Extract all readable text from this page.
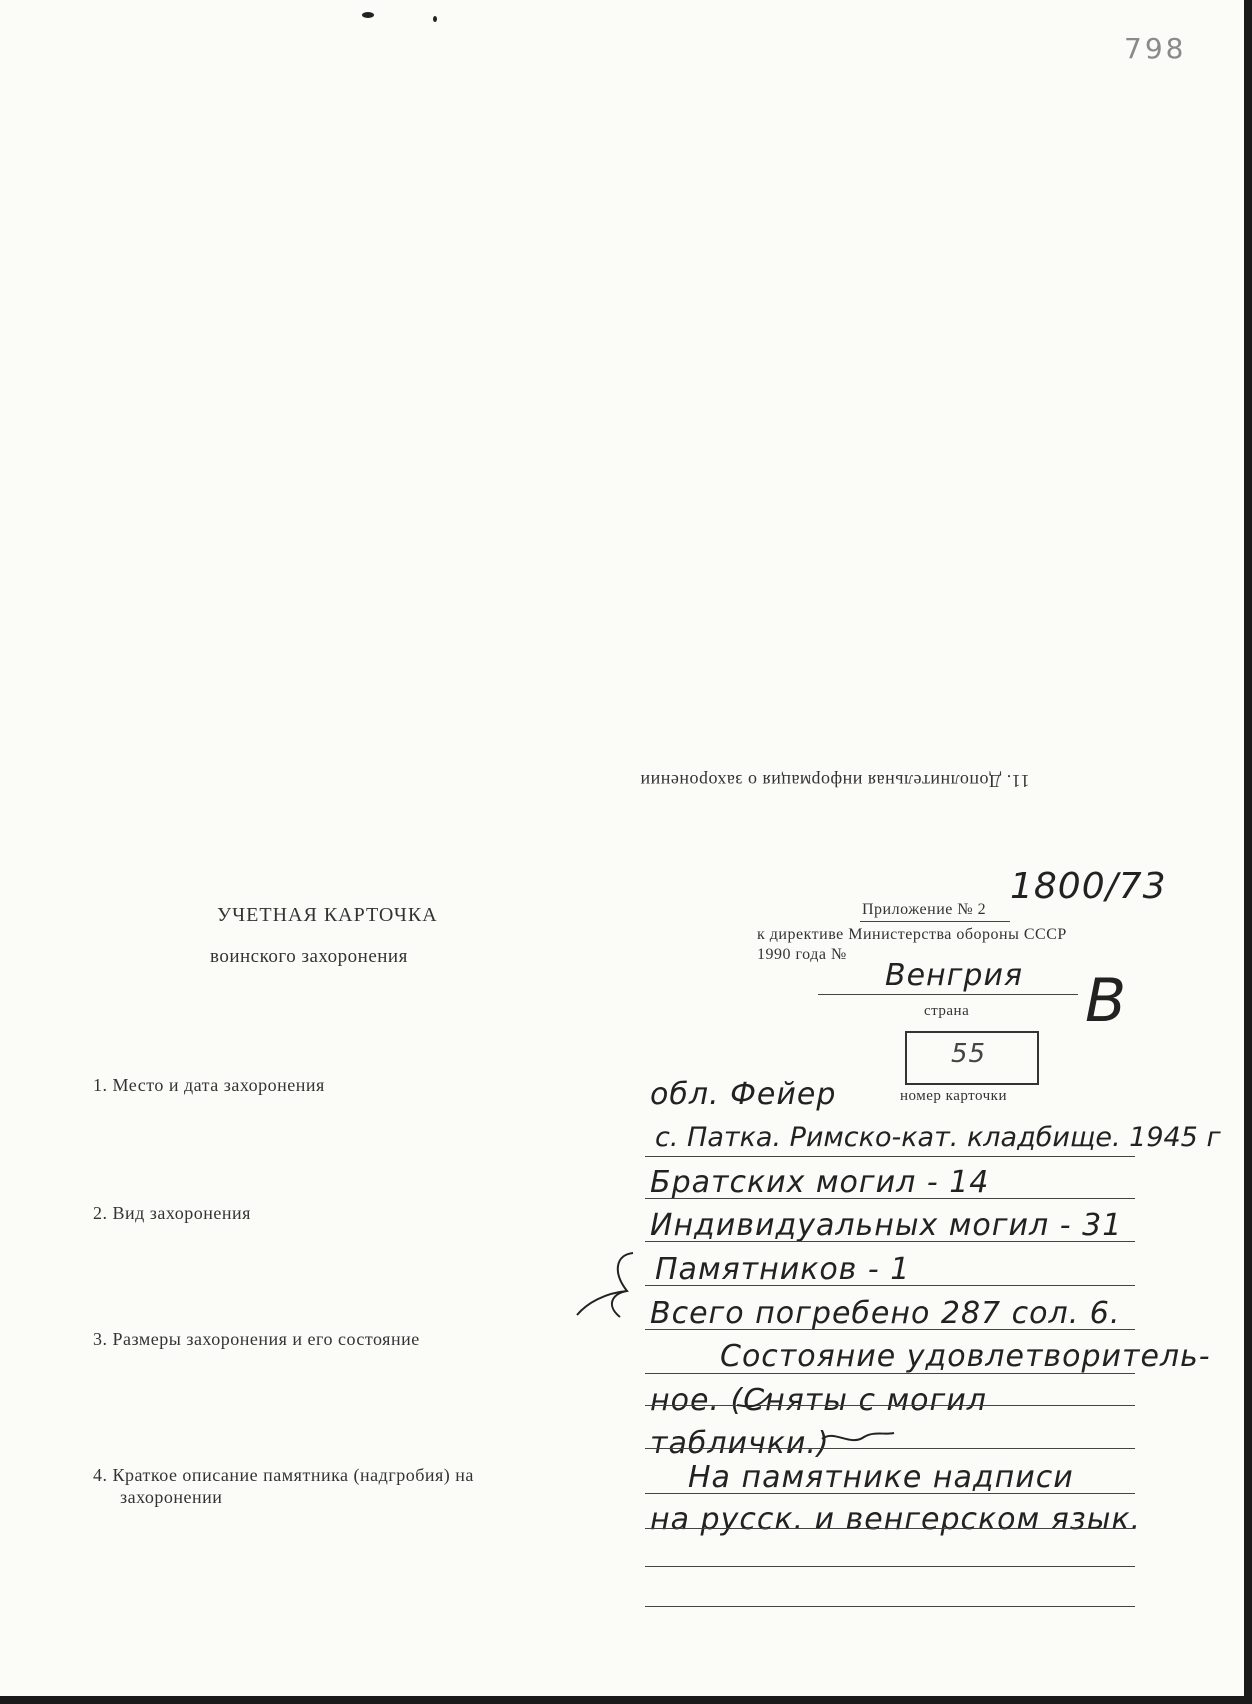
798
11. Дополнительная информация о захоронении
УЧЕТНАЯ КАРТОЧКА
воинского захоронения
Приложение № 2
к директиве Министерства обороны СССР
1990 года №
1800/73
Венгрия
страна В
55
номер карточки
1. Место и дата захоронения
2. Вид захоронения
3. Размеры захоронения и его состояние
4. Краткое описание памятника (надгробия) на
захоронении
обл. Фейер
с. Патка. Римско-кат. кладбище. 1945 г
Братских могил - 14
Индивидуальных могил - 31
Памятников - 1
Всего погребено 287 сол. 6.
Состояние удовлетворитель-
ное. (Сняты с могил
таблички.)
На памятнике надписи
на русск. и венгерском язык.
